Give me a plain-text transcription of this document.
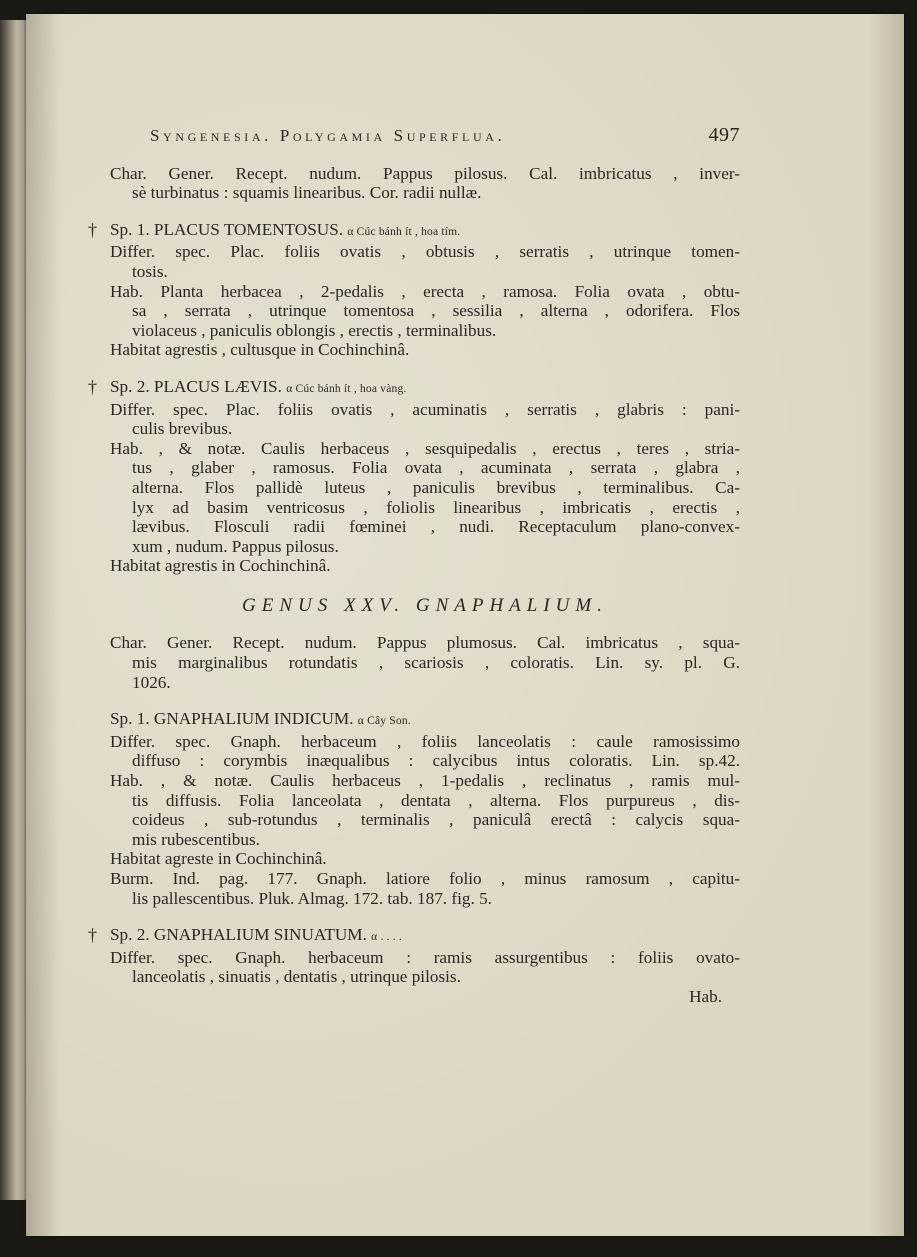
Syngenesia. Polygamia Superflua.	497
Char. Gener. Recept. nudum. Pappus pilosus. Cal. imbricatus , inver-
sè turbinatus : squamis linearibus. Cor. radii nullæ.
† Sp. 1. PLACUS TOMENTOSUS. α Cúc bánh ít , hoa tím.
Differ. spec. Plac. foliis ovatis , obtusis , serratis , utrinque tomen-
tosis.
Hab. Planta herbacea , 2-pedalis , erecta , ramosa. Folia ovata , obtu-
sa , serrata , utrinque tomentosa , sessilia , alterna , odorifera. Flos
violaceus , paniculis oblongis , erectis , terminalibus.
Habitat agrestis , cultusque in Cochinchinâ.
† Sp. 2. PLACUS LÆVIS. α Cúc bánh ít , hoa vàng.
Differ. spec. Plac. foliis ovatis , acuminatis , serratis , glabris : pani-
culis brevibus.
Hab. , & notæ. Caulis herbaceus , sesquipedalis , erectus , teres , stria-
tus , glaber , ramosus. Folia ovata , acuminata , serrata , glabra ,
alterna. Flos pallidè luteus , paniculis brevibus , terminalibus. Ca-
lyx ad basim ventricosus , foliolis linearibus , imbricatis , erectis ,
lævibus. Flosculi radii fœminei , nudi. Receptaculum plano-convex-
xum , nudum. Pappus pilosus.
Habitat agrestis in Cochinchinâ.
GENUS XXV. GNAPHALIUM.
Char. Gener. Recept. nudum. Pappus plumosus. Cal. imbricatus , squa-
mis marginalibus rotundatis , scariosis , coloratis. Lin. sy. pl. G.
1026.
Sp. 1. GNAPHALIUM INDICUM. α Cây Son.
Differ. spec. Gnaph. herbaceum , foliis lanceolatis : caule ramosissimo
diffuso : corymbis inæqualibus : calycibus intus coloratis. Lin. sp.42.
Hab. , & notæ. Caulis herbaceus , 1-pedalis , reclinatus , ramis mul-
tis diffusis. Folia lanceolata , dentata , alterna. Flos purpureus , dis-
coideus , sub-rotundus , terminalis , paniculâ erectâ : calycis squa-
mis rubescentibus.
Habitat agreste in Cochinchinâ.
Burm. Ind. pag. 177. Gnaph. latiore folio , minus ramosum , capitu-
lis pallescentibus. Pluk. Almag. 172. tab. 187. fig. 5.
† Sp. 2. GNAPHALIUM SINUATUM. α . . . .
Differ. spec. Gnaph. herbaceum : ramis assurgentibus : foliis ovato-
lanceolatis , sinuatis , dentatis , utrinque pilosis.
Hab.
